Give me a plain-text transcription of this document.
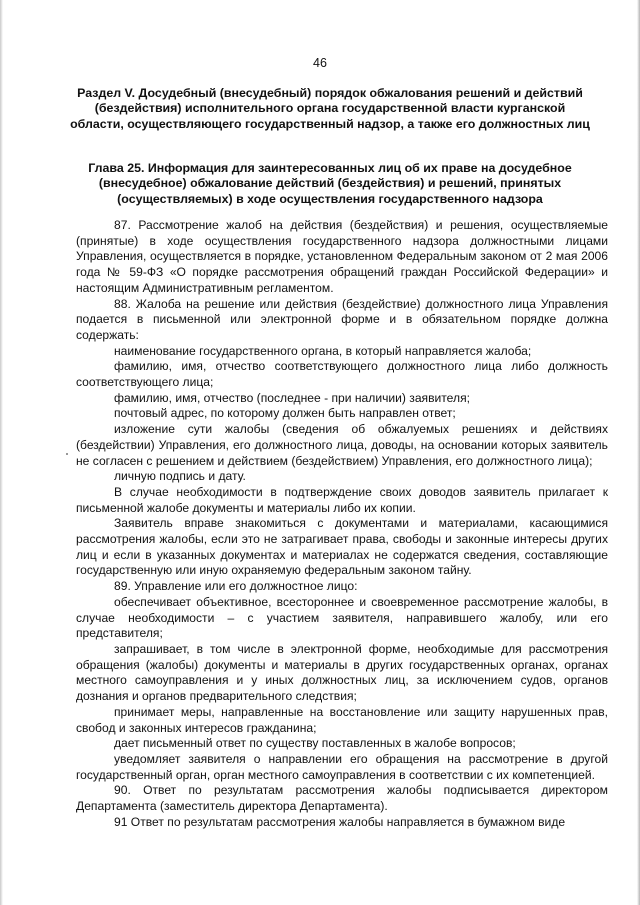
46

Раздел V. Досудебный (внесудебный) порядок обжалования решений и действий (бездействия) исполнительного органа государственной власти курганской области, осуществляющего государственный надзор, а также его должностных лиц

Глава 25. Информация для заинтересованных лиц об их праве на досудебное (внесудебное) обжалование действий (бездействия) и решений, принятых (осуществляемых) в ходе осуществления государственного надзора

87. Рассмотрение жалоб на действия (бездействия) и решения, осуществляемые (принятые) в ходе осуществления государственного надзора должностными лицами Управления, осуществляется в порядке, установленном Федеральным законом от 2 мая 2006 года № 59-ФЗ «О порядке рассмотрения обращений граждан Российской Федерации» и настоящим Административным регламентом.

88. Жалоба на решение или действия (бездействие) должностного лица Управления подается в письменной или электронной форме и в обязательном порядке должна содержать:

наименование государственного органа, в который направляется жалоба;

фамилию, имя, отчество соответствующего должностного лица либо должность соответствующего лица;

фамилию, имя, отчество (последнее - при наличии) заявителя;

почтовый адрес, по которому должен быть направлен ответ;

изложение сути жалобы (сведения об обжалуемых решениях и действиях (бездействии) Управления, его должностного лица, доводы, на основании которых заявитель не согласен с решением и действием (бездействием) Управления, его должностного лица);

личную подпись и дату.

В случае необходимости в подтверждение своих доводов заявитель прилагает к письменной жалобе документы и материалы либо их копии.

Заявитель вправе знакомиться с документами и материалами, касающимися рассмотрения жалобы, если это не затрагивает права, свободы и законные интересы других лиц и если в указанных документах и материалах не содержатся сведения, составляющие государственную или иную охраняемую федеральным законом тайну.

89. Управление или его должностное лицо:

обеспечивает объективное, всестороннее и своевременное рассмотрение жалобы, в случае необходимости – с участием заявителя, направившего жалобу, или его представителя;

запрашивает, в том числе в электронной форме, необходимые для рассмотрения обращения (жалобы) документы и материалы в других государственных органах, органах местного самоуправления и у иных должностных лиц, за исключением судов, органов дознания и органов предварительного следствия;

принимает меры, направленные на восстановление или защиту нарушенных прав, свобод и законных интересов гражданина;

дает письменный ответ по существу поставленных в жалобе вопросов;

уведомляет заявителя о направлении его обращения на рассмотрение в другой государственный орган, орган местного самоуправления в соответствии с их компетенцией.

90. Ответ по результатам рассмотрения жалобы подписывается директором Департамента (заместитель директора Департамента).

91 Ответ по результатам рассмотрения жалобы направляется в бумажном виде
